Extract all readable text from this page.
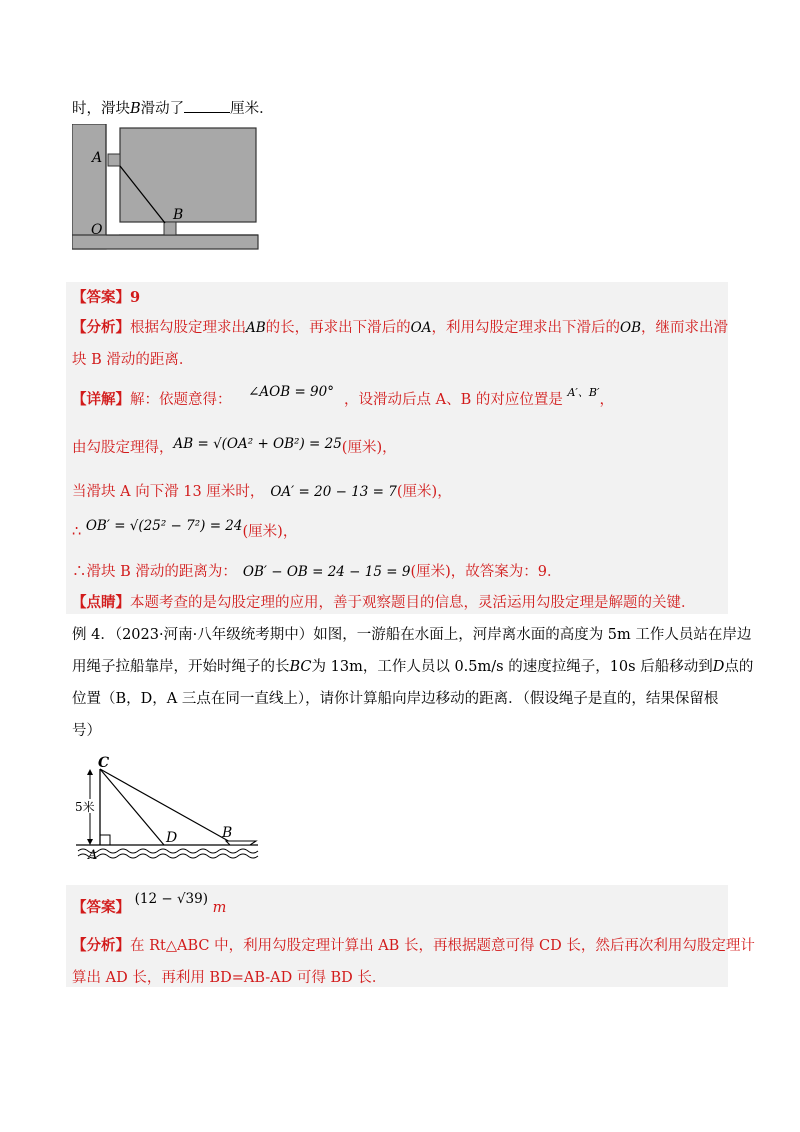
时，滑块B滑动了	厘米．
A
B
O
【答案】9
【分析】根据勾股定理求出AB的长，再求出下滑后的OA，利用勾股定理求出下滑后的OB，继而求出滑
块 B 滑动的距离．
【详解】解：依题意得： ∠AOB = 90° ，设滑动后点 A、B 的对应位置是 $^{A'、B'}$，
由勾股定理得，AB = √(OA² + OB²) = 25(厘米)，
当滑块 A 向下滑 13 厘米时， OA′ = 20 − 13 = 7(厘米)，
∴ OB′ = √(25² − 7²) = 24(厘米)，
∴滑块 B 滑动的距离为： OB′ − OB = 24 − 15 = 9(厘米)，故答案为：9．
【点睛】本题考查的是勾股定理的应用，善于观察题目的信息，灵活运用勾股定理是解题的关键．
例 4．（2023·河南·八年级统考期中）如图，一游船在水面上，河岸离水面的高度为 5m 工作人员站在岸边
用绳子拉船靠岸，开始时绳子的长BC为 13m，工作人员以 0.5m/s 的速度拉绳子，10s 后船移动到D点的
位置（B，D，A 三点在同一直线上），请你计算船向岸边移动的距离．（假设绳子是直的，结果保留根
号）
5米
C
D	B
A
【答案】 (12 − √39) m
【分析】在 Rt△ABC 中，利用勾股定理计算出 AB 长，再根据题意可得 CD 长，然后再次利用勾股定理计
算出 AD 长，再利用 BD=AB-AD 可得 BD 长．
